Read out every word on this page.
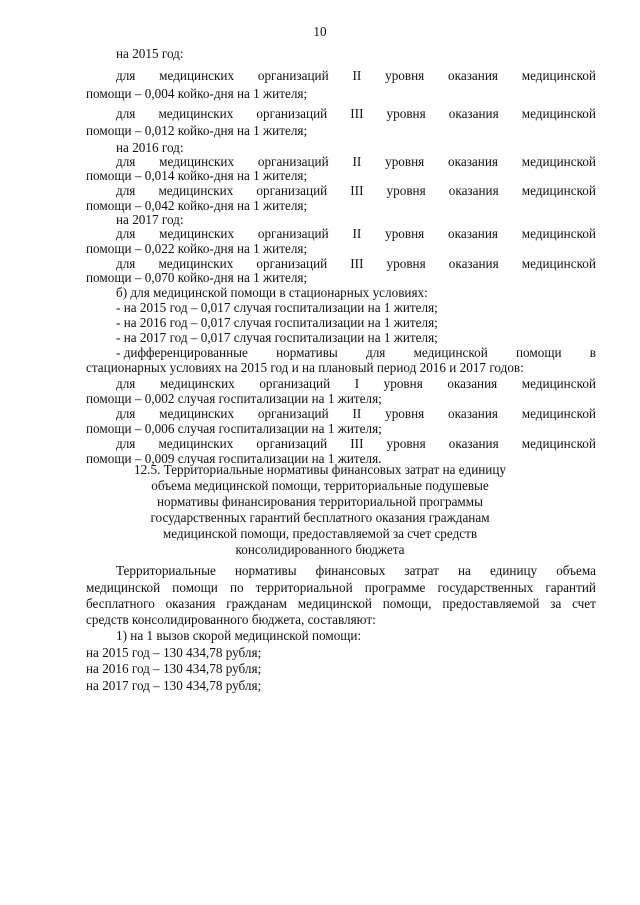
10
на 2015 год:
для медицинских организаций II уровня оказания медицинской
помощи – 0,004 койко-дня на 1 жителя;
для медицинских организаций III уровня оказания медицинской
помощи – 0,012 койко-дня на 1 жителя;
на 2016 год:
для медицинских организаций II уровня оказания медицинской
помощи – 0,014 койко-дня на 1 жителя;
для медицинских организаций III уровня оказания медицинской
помощи – 0,042 койко-дня на 1 жителя;
на 2017 год:
для медицинских организаций II уровня оказания медицинской
помощи – 0,022 койко-дня на 1 жителя;
для медицинских организаций III уровня оказания медицинской
помощи – 0,070 койко-дня на 1 жителя;
б) для медицинской помощи в стационарных условиях:
- на 2015 год – 0,017 случая госпитализации на 1 жителя;
- на 2016 год – 0,017 случая госпитализации на 1 жителя;
- на 2017 год – 0,017 случая госпитализации на 1 жителя;
- дифференцированные нормативы для медицинской помощи в
стационарных условиях на 2015 год и на плановый период 2016 и 2017 годов:
для медицинских организаций I уровня оказания медицинской
помощи – 0,002 случая госпитализации на 1 жителя;
для медицинских организаций II уровня оказания медицинской
помощи – 0,006 случая госпитализации на 1 жителя;
для медицинских организаций III уровня оказания медицинской
помощи – 0,009 случая госпитализации на 1 жителя.
12.5. Территориальные нормативы финансовых затрат на единицу
объема медицинской помощи, территориальные подушевые
нормативы финансирования территориальной программы
государственных гарантий бесплатного оказания гражданам
медицинской помощи, предоставляемой за счет средств
консолидированного бюджета
Территориальные нормативы финансовых затрат на единицу объема
медицинской помощи по территориальной программе государственных гарантий
бесплатного оказания гражданам медицинской помощи, предоставляемой за счет
средств консолидированного бюджета, составляют:
1) на 1 вызов скорой медицинской помощи:
на 2015 год – 130 434,78 рубля;
на 2016 год – 130 434,78 рубля;
на 2017 год – 130 434,78 рубля;
